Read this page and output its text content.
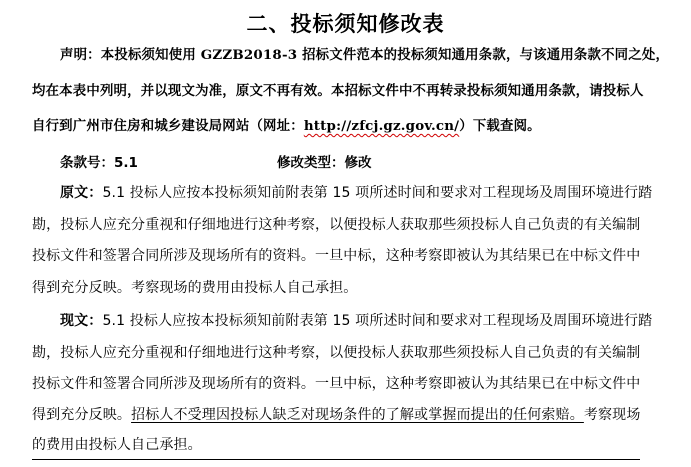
二、投标须知修改表
声明：本投标须知使用 GZZB2018-3 招标文件范本的投标须知通用条款，与该通用条款不同之处，
均在本表中列明，并以现文为准，原文不再有效。本招标文件中不再转录投标须知通用条款，请投标人
自行到广州市住房和城乡建设局网站（网址：http://zfcj.gz.gov.cn/）下载查阅。
条款号：5.1	修改类型：修改
原文：5.1 投标人应按本投标须知前附表第 15 项所述时间和要求对工程现场及周围环境进行踏
勘，投标人应充分重视和仔细地进行这种考察，以便投标人获取那些须投标人自己负责的有关编制
投标文件和签署合同所涉及现场所有的资料。一旦中标，这种考察即被认为其结果已在中标文件中
得到充分反映。考察现场的费用由投标人自己承担。
现文：5.1 投标人应按本投标须知前附表第 15 项所述时间和要求对工程现场及周围环境进行踏
勘，投标人应充分重视和仔细地进行这种考察，以便投标人获取那些须投标人自己负责的有关编制
投标文件和签署合同所涉及现场所有的资料。一旦中标，这种考察即被认为其结果已在中标文件中
得到充分反映。招标人不受理因投标人缺乏对现场条件的了解或掌握而提出的任何索赔。考察现场
的费用由投标人自己承担。
